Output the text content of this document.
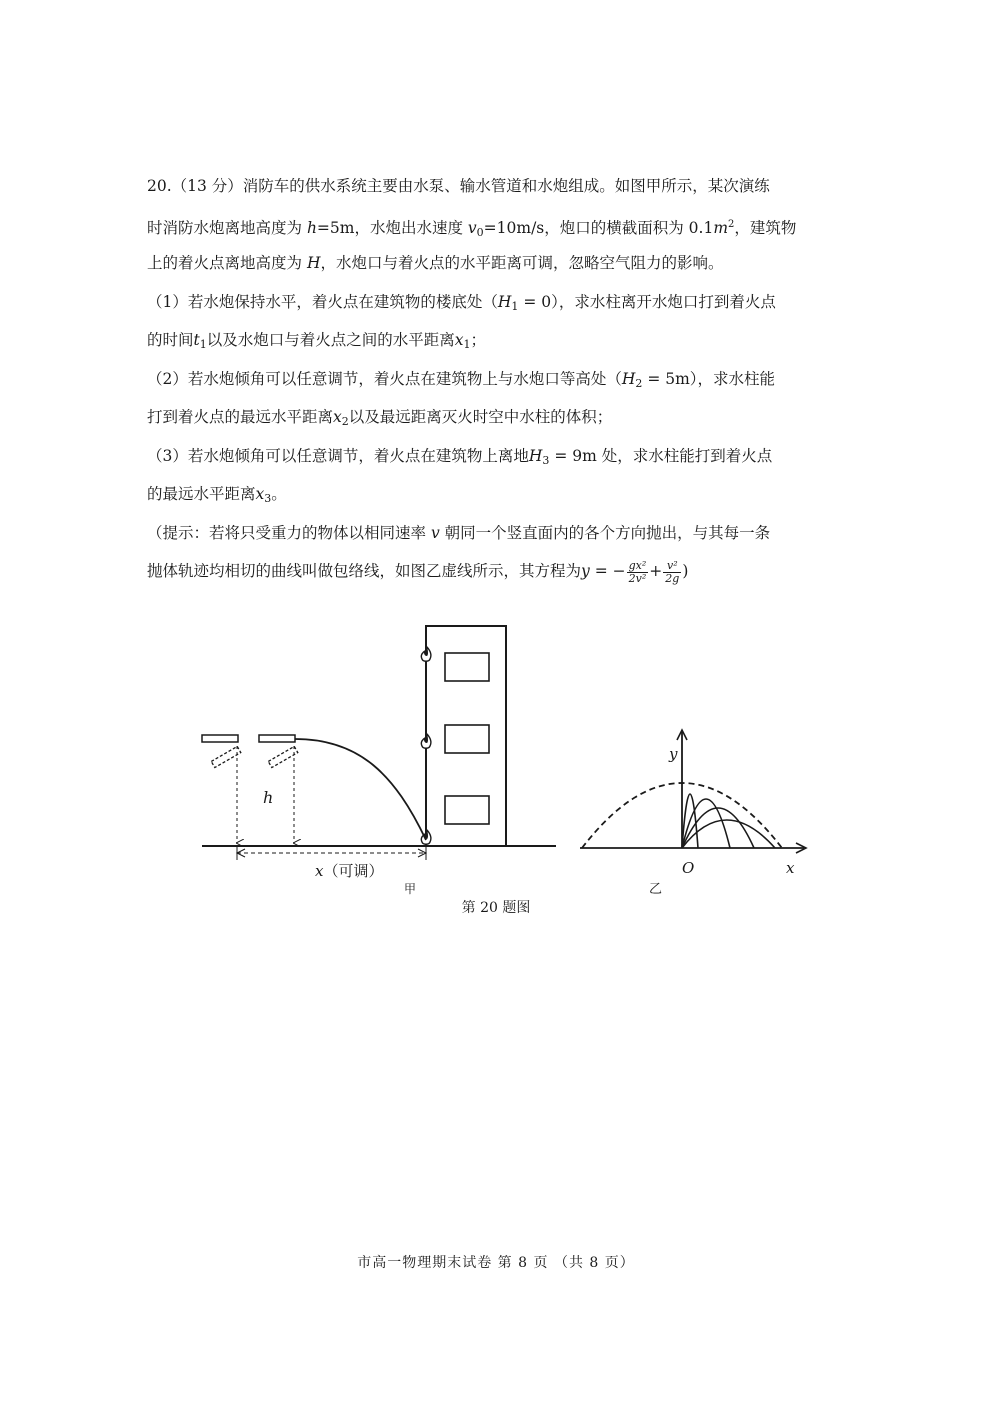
20.（13 分）消防车的供水系统主要由水泵、输水管道和水炮组成。如图甲所示，某次演练
时消防水炮离地高度为 h=5m，水炮出水速度 $v_0=10m/s$，炮口的横截面积为 $0.1m^2$，建筑物
上的着火点离地高度为 H，水炮口与着火点的水平距离可调，忽略空气阻力的影响。
（1）若水炮保持水平，着火点在建筑物的楼底处$(H_1 = 0)$，求水柱离开水炮口打到着火点
的时间$t_1$以及水炮口与着火点之间的水平距离$x_1$；
（2）若水炮倾角可以任意调节，着火点在建筑物上与水炮口等高处$(H_2 = 5m)$，求水柱能
打到着火点的最远水平距离$x_2$以及最远距离灭火时空中水柱的体积；
（3）若水炮倾角可以任意调节，着火点在建筑物上离地$H_3 = 9m$ 处，求水柱能打到着火点
的最远水平距离$x_3$。
（提示：若将只受重力的物体以相同速率 v 朝同一个竖直面内的各个方向抛出，与其每一条
抛体轨迹均相切的曲线叫做包络线，如图乙虚线所示，其方程为y = − $\frac{\text{gx²}}{\text{2v²}} + \frac{\text{v²}}{2g}$ )
h
x（可调）
甲
y
O	x
乙
第 20 题图
市高一物理期末试卷 第 8 页 （共 8 页）
